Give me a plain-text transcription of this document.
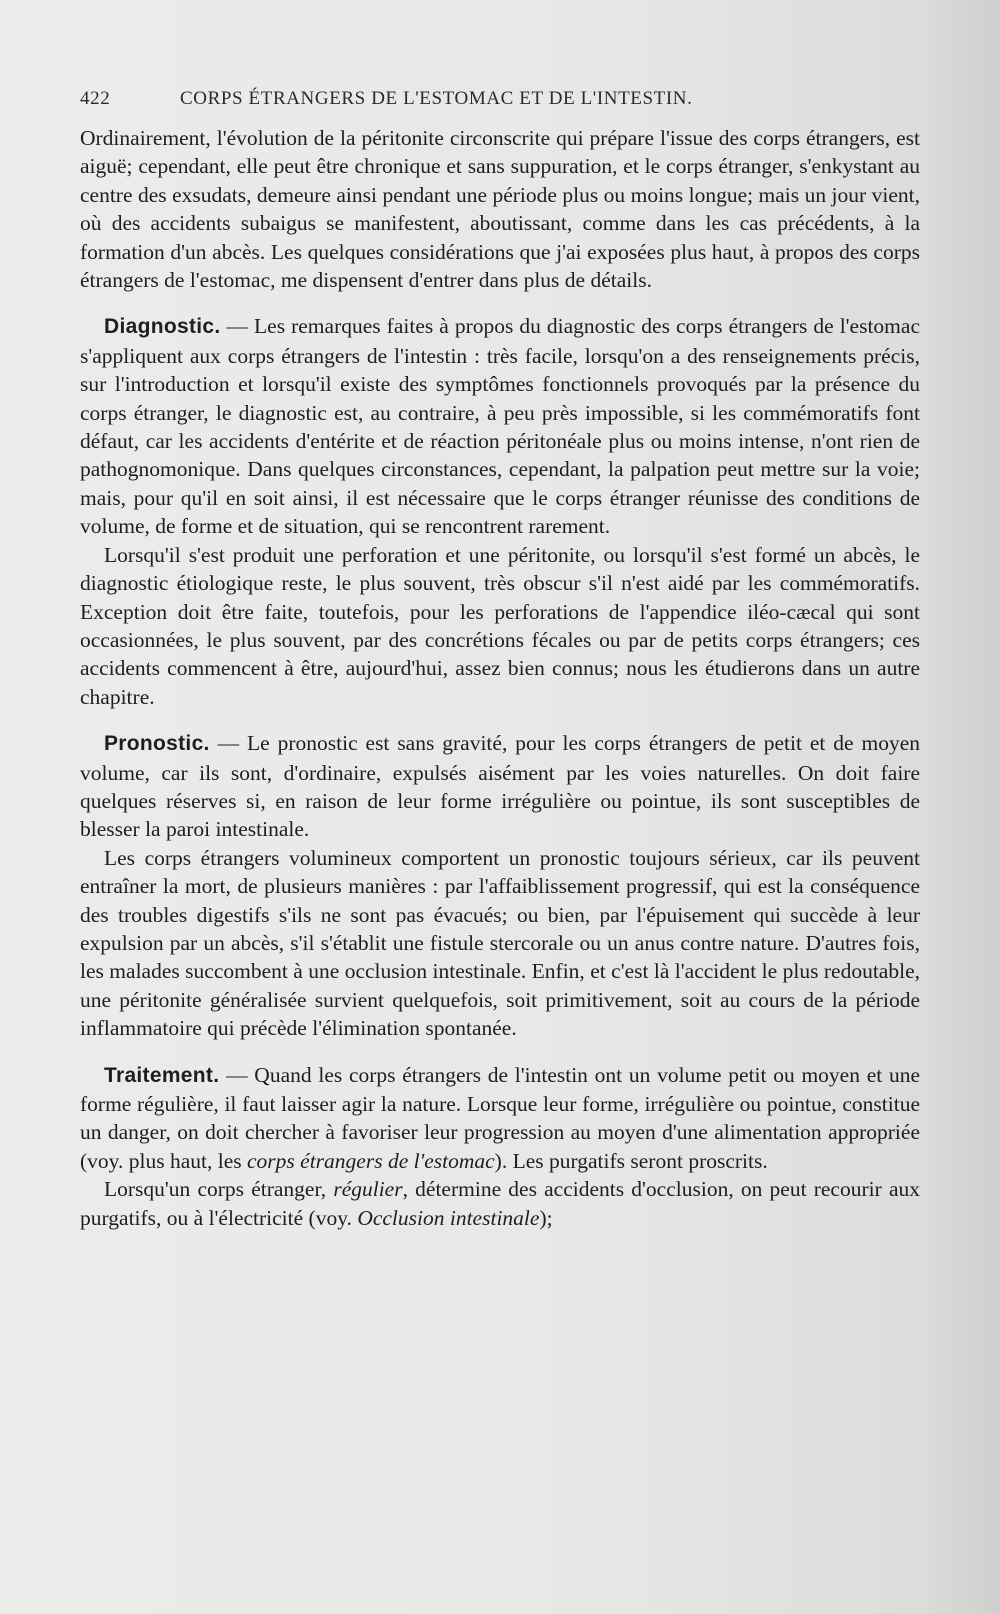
422	CORPS ÉTRANGERS DE L'ESTOMAC ET DE L'INTESTIN.

Ordinairement, l'évolution de la péritonite circonscrite qui prépare l'issue des corps étrangers, est aiguë; cependant, elle peut être chronique et sans suppuration, et le corps étranger, s'enkystant au centre des exsudats, demeure ainsi pendant une période plus ou moins longue; mais un jour vient, où des accidents subaigus se manifestent, aboutissant, comme dans les cas précédents, à la formation d'un abcès. Les quelques considérations que j'ai exposées plus haut, à propos des corps étrangers de l'estomac, me dispensent d'entrer dans plus de détails.

Diagnostic. — Les remarques faites à propos du diagnostic des corps étrangers de l'estomac s'appliquent aux corps étrangers de l'intestin : très facile, lorsqu'on a des renseignements précis, sur l'introduction et lorsqu'il existe des symptômes fonctionnels provoqués par la présence du corps étranger, le diagnostic est, au contraire, à peu près impossible, si les commémoratifs font défaut, car les accidents d'entérite et de réaction péritonéale plus ou moins intense, n'ont rien de pathognomonique. Dans quelques circonstances, cependant, la palpation peut mettre sur la voie; mais, pour qu'il en soit ainsi, il est nécessaire que le corps étranger réunisse des conditions de volume, de forme et de situation, qui se rencontrent rarement.

Lorsqu'il s'est produit une perforation et une péritonite, ou lorsqu'il s'est formé un abcès, le diagnostic étiologique reste, le plus souvent, très obscur s'il n'est aidé par les commémoratifs. Exception doit être faite, toutefois, pour les perforations de l'appendice iléo-cæcal qui sont occasionnées, le plus souvent, par des concrétions fécales ou par de petits corps étrangers; ces accidents commencent à être, aujourd'hui, assez bien connus; nous les étudierons dans un autre chapitre.

Pronostic. — Le pronostic est sans gravité, pour les corps étrangers de petit et de moyen volume, car ils sont, d'ordinaire, expulsés aisément par les voies naturelles. On doit faire quelques réserves si, en raison de leur forme irrégulière ou pointue, ils sont susceptibles de blesser la paroi intestinale.

Les corps étrangers volumineux comportent un pronostic toujours sérieux, car ils peuvent entraîner la mort, de plusieurs manières : par l'affaiblissement progressif, qui est la conséquence des troubles digestifs s'ils ne sont pas évacués; ou bien, par l'épuisement qui succède à leur expulsion par un abcès, s'il s'établit une fistule stercorale ou un anus contre nature. D'autres fois, les malades succombent à une occlusion intestinale. Enfin, et c'est là l'accident le plus redoutable, une péritonite généralisée survient quelquefois, soit primitivement, soit au cours de la période inflammatoire qui précède l'élimination spontanée.

Traitement. — Quand les corps étrangers de l'intestin ont un volume petit ou moyen et une forme régulière, il faut laisser agir la nature. Lorsque leur forme, irrégulière ou pointue, constitue un danger, on doit chercher à favoriser leur progression au moyen d'une alimentation appropriée (voy. plus haut, les corps étrangers de l'estomac). Les purgatifs seront proscrits.

Lorsqu'un corps étranger, régulier, détermine des accidents d'occlusion, on peut recourir aux purgatifs, ou à l'électricité (voy. Occlusion intestinale);
